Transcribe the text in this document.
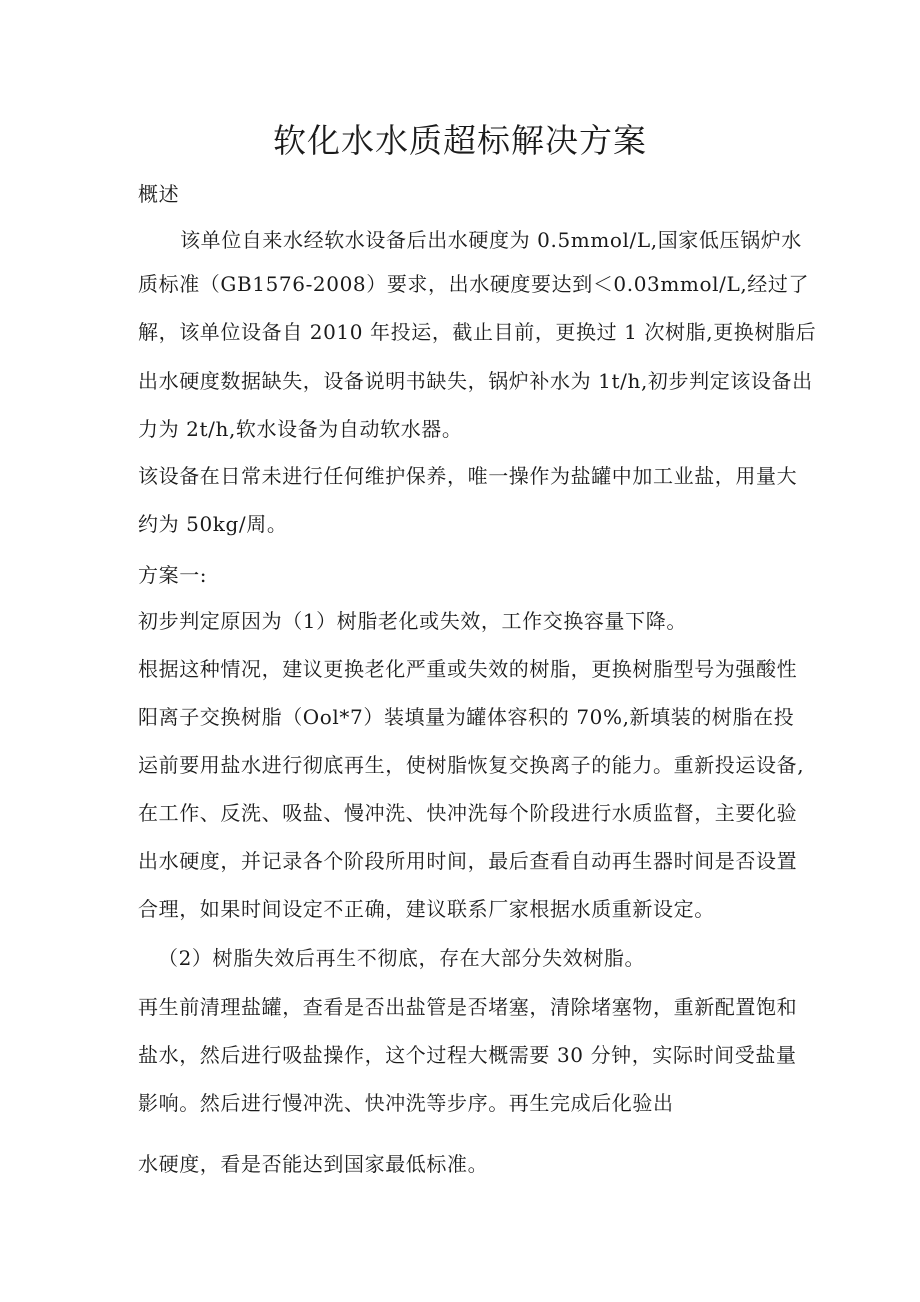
软化水水质超标解决方案
概述
该单位自来水经软水设备后出水硬度为 0.5mmol/L,国家低压锅炉水
质标准（GB1576-2008）要求，出水硬度要达到＜0.03mmol/L,经过了
解，该单位设备自 2010 年投运，截止目前，更换过 1 次树脂,更换树脂后
出水硬度数据缺失，设备说明书缺失，锅炉补水为 1t/h,初步判定该设备出
力为 2t/h,软水设备为自动软水器。
该设备在日常未进行任何维护保养，唯一操作为盐罐中加工业盐，用量大
约为 50kg/周。
方案一:
初步判定原因为（1）树脂老化或失效，工作交换容量下降。
根据这种情况，建议更换老化严重或失效的树脂，更换树脂型号为强酸性
阳离子交换树脂（Ool*7）装填量为罐体容积的 70%,新填装的树脂在投
运前要用盐水进行彻底再生，使树脂恢复交换离子的能力。重新投运设备,
在工作、反洗、吸盐、慢冲洗、快冲洗每个阶段进行水质监督，主要化验
出水硬度，并记录各个阶段所用时间，最后查看自动再生器时间是否设置
合理，如果时间设定不正确，建议联系厂家根据水质重新设定。
（2）树脂失效后再生不彻底，存在大部分失效树脂。
再生前清理盐罐，查看是否出盐管是否堵塞，清除堵塞物，重新配置饱和
盐水，然后进行吸盐操作，这个过程大概需要 30 分钟，实际时间受盐量
影响。然后进行慢冲洗、快冲洗等步序。再生完成后化验出
水硬度，看是否能达到国家最低标准。
